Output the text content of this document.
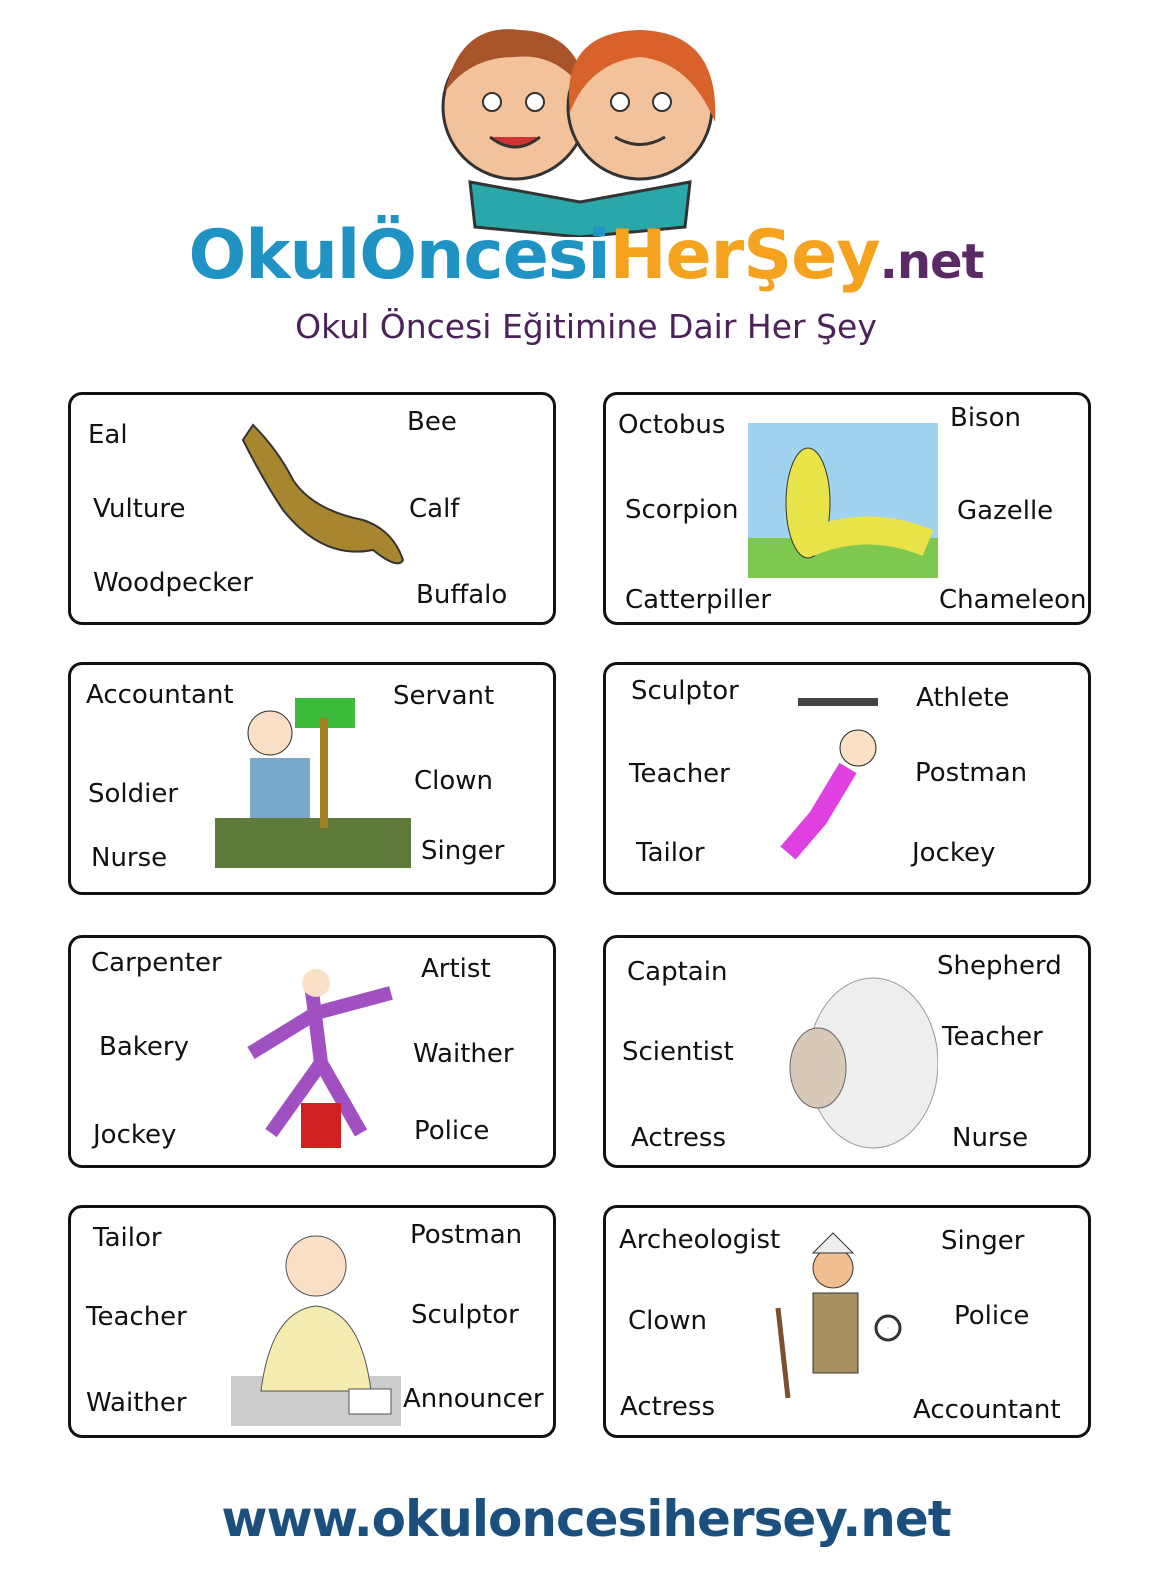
OkulÖncesiHerŞey.net
Okul Öncesi Eğitimine Dair Her Şey
Eal
Vulture
Woodpecker
Bee
Calf
Buffalo
Octobus
Scorpion
Catterpiller
Bison
Gazelle
Chameleon
Accountant
Soldier
Nurse
Servant
Clown
Singer
Sculptor
Teacher
Tailor
Athlete
Postman
Jockey
Carpenter
Bakery
Jockey
Artist
Waither
Police
Captain
Scientist
Actress
Shepherd
Teacher
Nurse
Tailor
Teacher
Waither
Postman
Sculptor
Announcer
Archeologist
Clown
Actress
Singer
Police
Accountant
www.okuloncesihersey.net
